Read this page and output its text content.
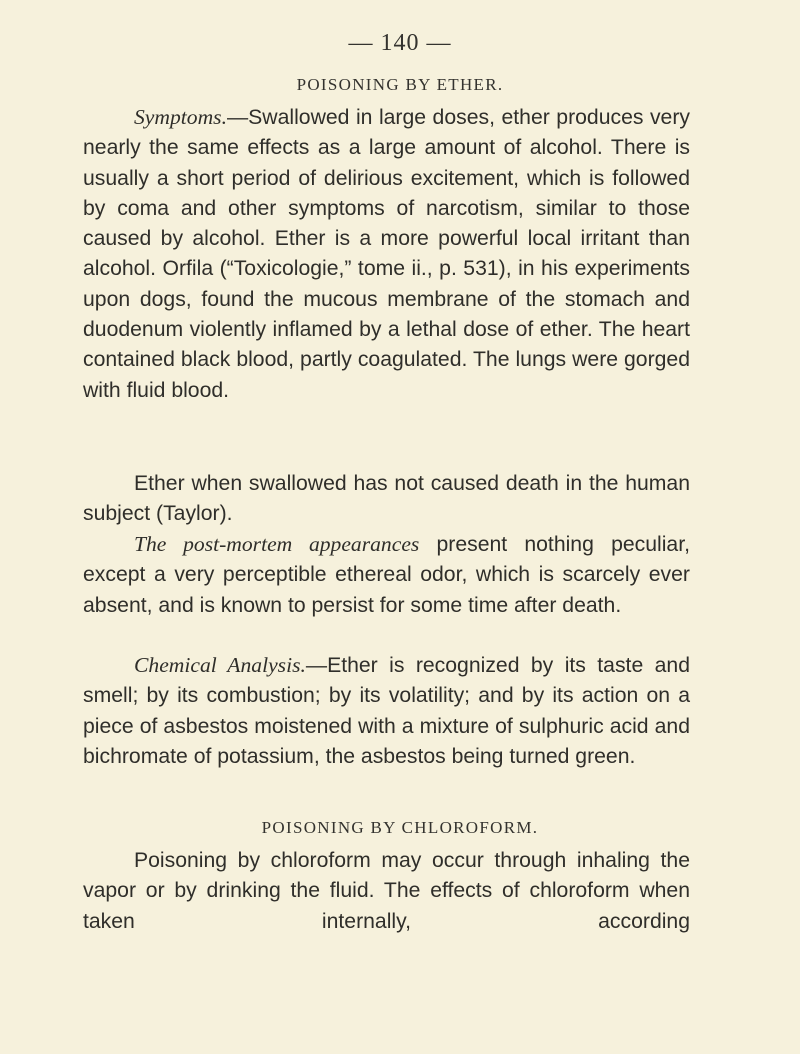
— 140 —
POISONING BY ETHER.
Symptoms.—Swallowed in large doses, ether produces very nearly the same effects as a large amount of alcohol. There is usually a short period of delirious excitement, which is followed by coma and other symptoms of narcotism, similar to those caused by alcohol. Ether is a more powerful local irritant than alcohol. Orfila (“Toxicologie,” tome ii., p. 531), in his experiments upon dogs, found the mucous membrane of the stomach and duodenum violently inflamed by a lethal dose of ether. The heart contained black blood, partly coagulated. The lungs were gorged with fluid blood.
Ether when swallowed has not caused death in the human subject (Taylor).
The post-mortem appearances present nothing peculiar, except a very perceptible ethereal odor, which is scarcely ever absent, and is known to persist for some time after death.
Chemical Analysis.—Ether is recognized by its taste and smell; by its combustion; by its volatility; and by its action on a piece of asbestos moistened with a mixture of sulphuric acid and bichromate of potassium, the asbestos being turned green.
POISONING BY CHLOROFORM.
Poisoning by chloroform may occur through inhaling the vapor or by drinking the fluid. The effects of chloroform when taken internally, according
